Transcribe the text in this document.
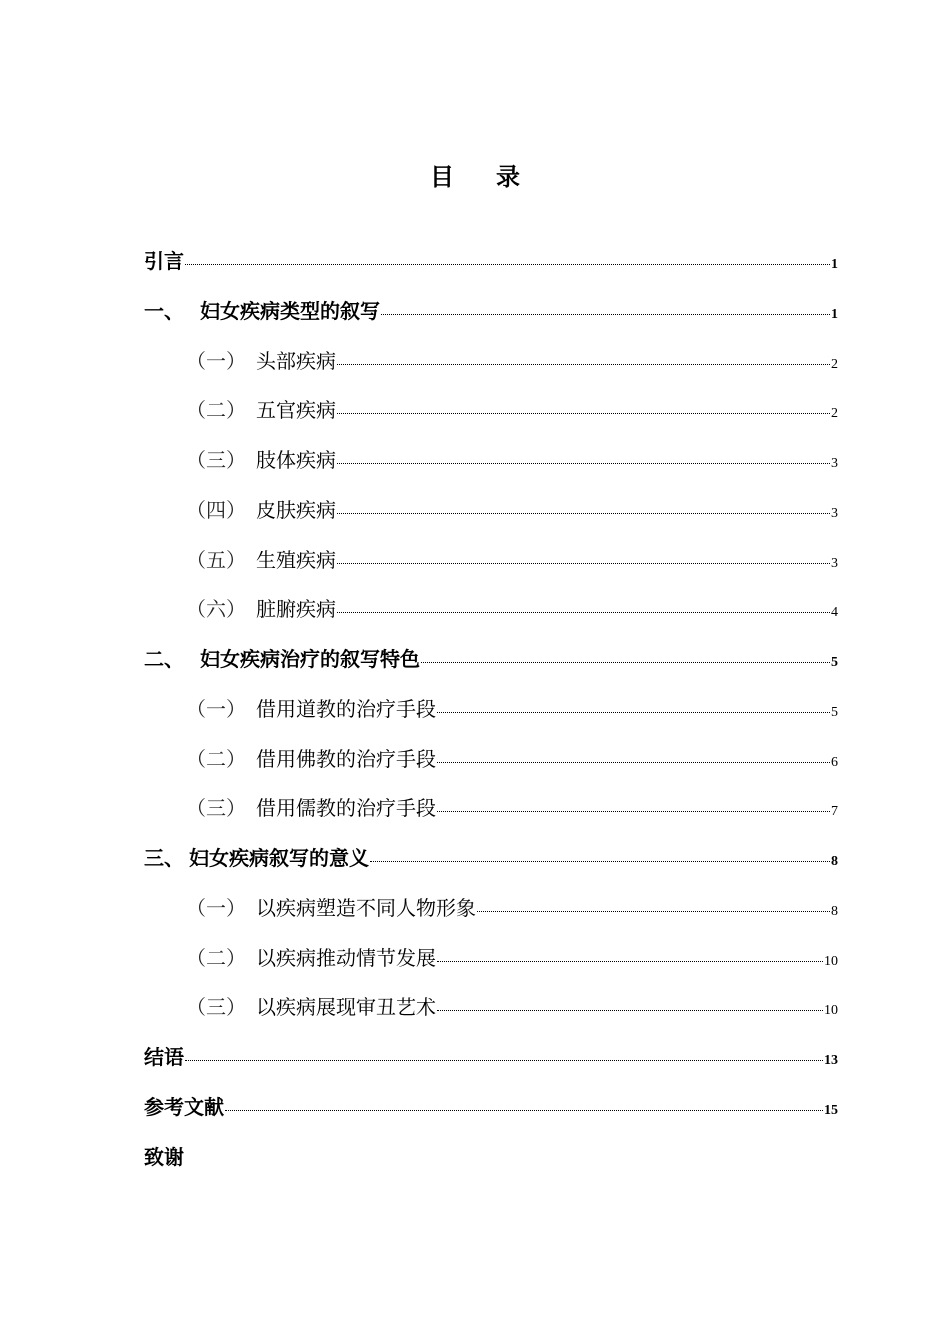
目 录
引言	1
一、 妇女疾病类型的叙写	1
（一） 头部疾病	2
（二） 五官疾病	2
（三） 肢体疾病	3
（四） 皮肤疾病	3
（五） 生殖疾病	3
（六） 脏腑疾病	4
二、 妇女疾病治疗的叙写特色	5
（一） 借用道教的治疗手段	5
（二） 借用佛教的治疗手段	6
（三） 借用儒教的治疗手段	7
三、 妇女疾病叙写的意义	8
（一） 以疾病塑造不同人物形象	8
（二） 以疾病推动情节发展	10
（三） 以疾病展现审丑艺术	10
结语	13
参考文献	15
致谢
